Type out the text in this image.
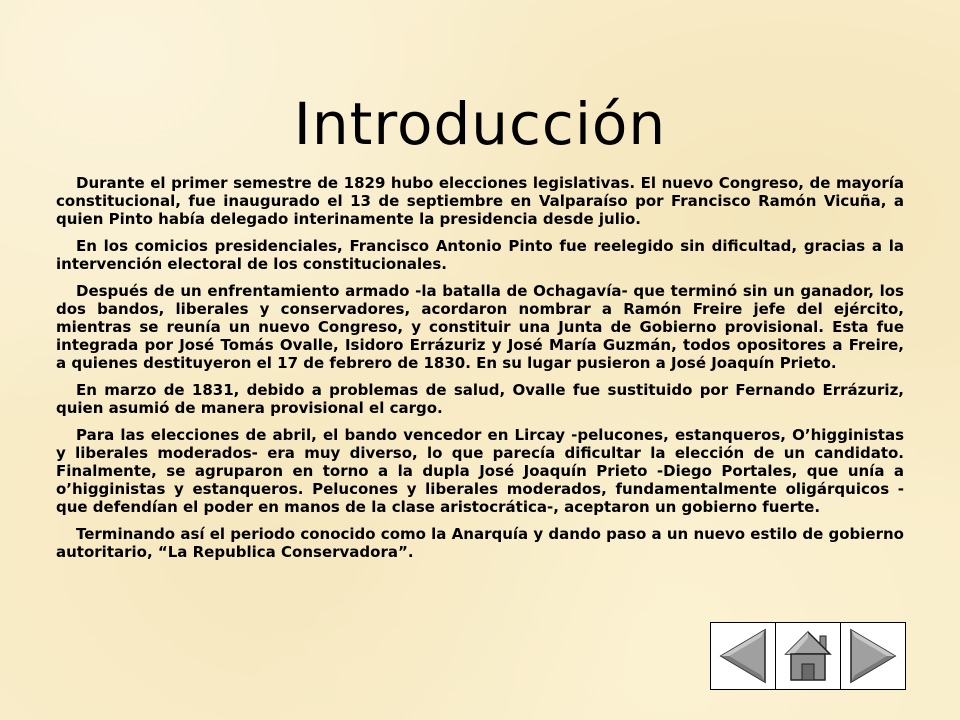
Introducción

Durante el primer semestre de 1829 hubo elecciones legislativas. El nuevo Congreso, de mayoría constitucional, fue inaugurado el 13 de septiembre en Valparaíso por Francisco Ramón Vicuña, a quien Pinto había delegado interinamente la presidencia desde julio.

En los comicios presidenciales, Francisco Antonio Pinto fue reelegido sin dificultad, gracias a la intervención electoral de los constitucionales.

Después de un enfrentamiento armado -la batalla de Ochagavía- que terminó sin un ganador, los dos bandos, liberales y conservadores, acordaron nombrar a Ramón Freire jefe del ejército, mientras se reunía un nuevo Congreso, y constituir una Junta de Gobierno provisional. Esta fue integrada por José Tomás Ovalle, Isidoro Errázuriz y José María Guzmán, todos opositores a Freire, a quienes destituyeron el 17 de febrero de 1830. En su lugar pusieron a José Joaquín Prieto.

En marzo de 1831, debido a problemas de salud, Ovalle fue sustituido por Fernando Errázuriz, quien asumió de manera provisional el cargo.

Para las elecciones de abril, el bando vencedor en Lircay -pelucones, estanqueros, O’higginistas y liberales moderados- era muy diverso, lo que parecía dificultar la elección de un candidato. Finalmente, se agruparon en torno a la dupla José Joaquín Prieto -Diego Portales, que unía a o’higginistas y estanqueros. Pelucones y liberales moderados, fundamentalmente oligárquicos -que defendían el poder en manos de la clase aristocrática-, aceptaron un gobierno fuerte.

Terminando así el periodo conocido como la Anarquía y dando paso a un nuevo estilo de gobierno autoritario, “La Republica Conservadora”.
